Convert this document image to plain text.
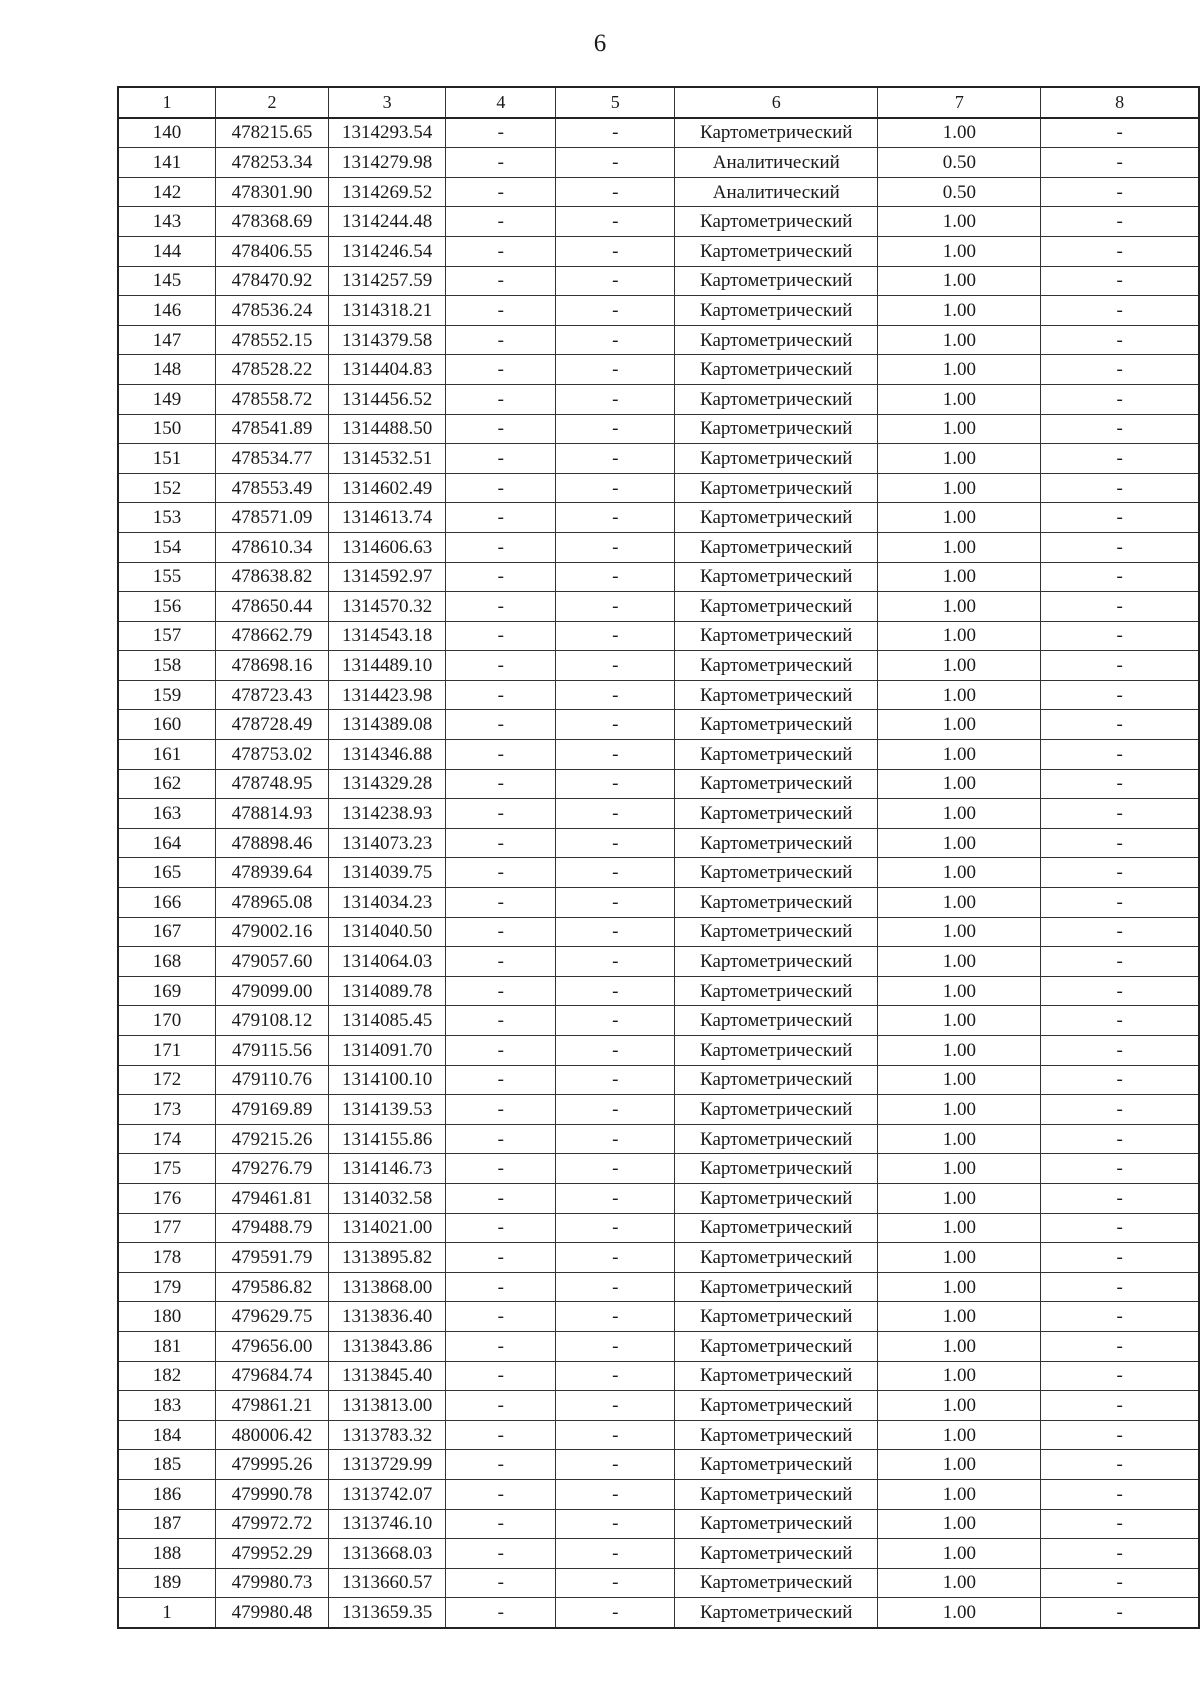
6
1	2	3	4	5	6	7	8
140	478215.65	1314293.54	-	-	Картометрический	1.00	-
141	478253.34	1314279.98	-	-	Аналитический	0.50	-
142	478301.90	1314269.52	-	-	Аналитический	0.50	-
143	478368.69	1314244.48	-	-	Картометрический	1.00	-
144	478406.55	1314246.54	-	-	Картометрический	1.00	-
145	478470.92	1314257.59	-	-	Картометрический	1.00	-
146	478536.24	1314318.21	-	-	Картометрический	1.00	-
147	478552.15	1314379.58	-	-	Картометрический	1.00	-
148	478528.22	1314404.83	-	-	Картометрический	1.00	-
149	478558.72	1314456.52	-	-	Картометрический	1.00	-
150	478541.89	1314488.50	-	-	Картометрический	1.00	-
151	478534.77	1314532.51	-	-	Картометрический	1.00	-
152	478553.49	1314602.49	-	-	Картометрический	1.00	-
153	478571.09	1314613.74	-	-	Картометрический	1.00	-
154	478610.34	1314606.63	-	-	Картометрический	1.00	-
155	478638.82	1314592.97	-	-	Картометрический	1.00	-
156	478650.44	1314570.32	-	-	Картометрический	1.00	-
157	478662.79	1314543.18	-	-	Картометрический	1.00	-
158	478698.16	1314489.10	-	-	Картометрический	1.00	-
159	478723.43	1314423.98	-	-	Картометрический	1.00	-
160	478728.49	1314389.08	-	-	Картометрический	1.00	-
161	478753.02	1314346.88	-	-	Картометрический	1.00	-
162	478748.95	1314329.28	-	-	Картометрический	1.00	-
163	478814.93	1314238.93	-	-	Картометрический	1.00	-
164	478898.46	1314073.23	-	-	Картометрический	1.00	-
165	478939.64	1314039.75	-	-	Картометрический	1.00	-
166	478965.08	1314034.23	-	-	Картометрический	1.00	-
167	479002.16	1314040.50	-	-	Картометрический	1.00	-
168	479057.60	1314064.03	-	-	Картометрический	1.00	-
169	479099.00	1314089.78	-	-	Картометрический	1.00	-
170	479108.12	1314085.45	-	-	Картометрический	1.00	-
171	479115.56	1314091.70	-	-	Картометрический	1.00	-
172	479110.76	1314100.10	-	-	Картометрический	1.00	-
173	479169.89	1314139.53	-	-	Картометрический	1.00	-
174	479215.26	1314155.86	-	-	Картометрический	1.00	-
175	479276.79	1314146.73	-	-	Картометрический	1.00	-
176	479461.81	1314032.58	-	-	Картометрический	1.00	-
177	479488.79	1314021.00	-	-	Картометрический	1.00	-
178	479591.79	1313895.82	-	-	Картометрический	1.00	-
179	479586.82	1313868.00	-	-	Картометрический	1.00	-
180	479629.75	1313836.40	-	-	Картометрический	1.00	-
181	479656.00	1313843.86	-	-	Картометрический	1.00	-
182	479684.74	1313845.40	-	-	Картометрический	1.00	-
183	479861.21	1313813.00	-	-	Картометрический	1.00	-
184	480006.42	1313783.32	-	-	Картометрический	1.00	-
185	479995.26	1313729.99	-	-	Картометрический	1.00	-
186	479990.78	1313742.07	-	-	Картометрический	1.00	-
187	479972.72	1313746.10	-	-	Картометрический	1.00	-
188	479952.29	1313668.03	-	-	Картометрический	1.00	-
189	479980.73	1313660.57	-	-	Картометрический	1.00	-
1	479980.48	1313659.35	-	-	Картометрический	1.00	-
